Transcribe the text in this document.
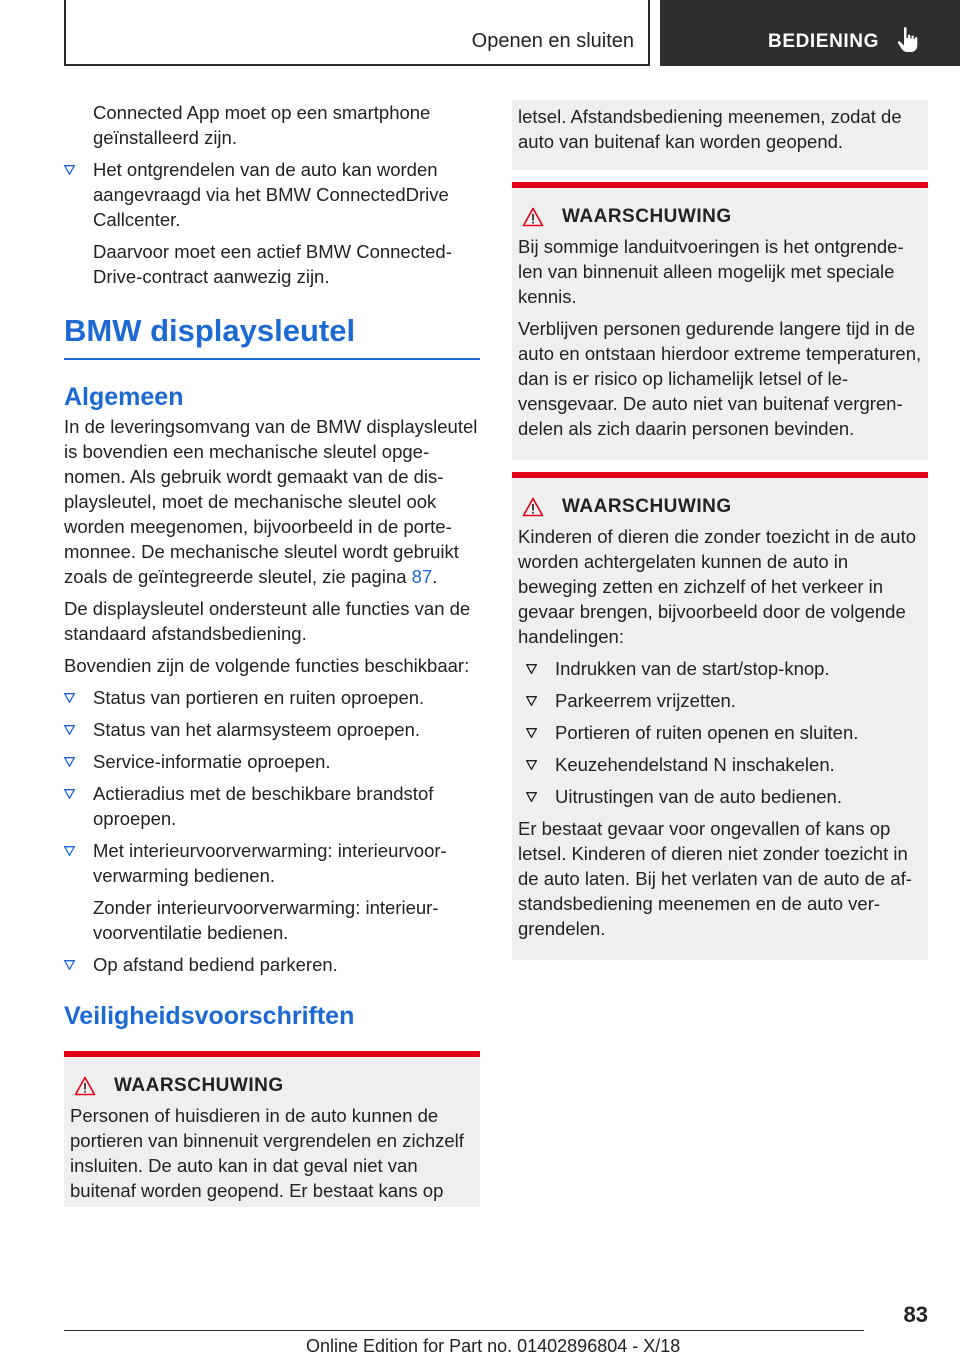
Openen en sluiten	BEDIENING

Connected App moet op een smartphone geïnstalleerd zijn.

Het ontgrendelen van de auto kan worden aangevraagd via het BMW ConnectedDrive Callcenter.

Daarvoor moet een actief BMW ConnectedDrive-contract aanwezig zijn.

BMW displaysleutel
Algemeen

In de leveringsomvang van de BMW displaysleutel is bovendien een mechanische sleutel opgenomen. Als gebruik wordt gemaakt van de displaysleutel, moet de mechanische sleutel ook worden meegenomen, bijvoorbeeld in de portemonnee. De mechanische sleutel wordt gebruikt zoals de geïntegreerde sleutel, zie pagina 87.

De displaysleutel ondersteunt alle functies van de standaard afstandsbediening.

Bovendien zijn de volgende functies beschikbaar:

Status van portieren en ruiten oproepen.
Status van het alarmsysteem oproepen.
Service-informatie oproepen.
Actieradius met de beschikbare brandstof oproepen.
Met interieurvoorverwarming: interieurvoorverwarming bedienen.

Zonder interieurvoorverwarming: interieurvoorventilatie bedienen.

Op afstand bediend parkeren.
Veiligheidsvoorschriften
WAARSCHUWING

Personen of huisdieren in de auto kunnen de portieren van binnenuit vergrendelen en zichzelf insluiten. De auto kan in dat geval niet van buitenaf worden geopend. Er bestaat kans op

letsel. Afstandsbediening meenemen, zodat de auto van buitenaf kan worden geopend.

WAARSCHUWING

Bij sommige landuitvoeringen is het ontgrendelen van binnenuit alleen mogelijk met speciale kennis.

Verblijven personen gedurende langere tijd in de auto en ontstaan hierdoor extreme temperaturen, dan is er risico op lichamelijk letsel of levensgevaar. De auto niet van buitenaf vergrendelen als zich daarin personen bevinden.

WAARSCHUWING

Kinderen of dieren die zonder toezicht in de auto worden achtergelaten kunnen de auto in beweging zetten en zichzelf of het verkeer in gevaar brengen, bijvoorbeeld door de volgende handelingen:

Indrukken van de start/stop-knop.
Parkeerrem vrijzetten.
Portieren of ruiten openen en sluiten.
Keuzehendelstand N inschakelen.
Uitrustingen van de auto bedienen.

Er bestaat gevaar voor ongevallen of kans op letsel. Kinderen of dieren niet zonder toezicht in de auto laten. Bij het verlaten van de auto de afstandsbediening meenemen en de auto vergrendelen.

83
Online Edition for Part no. 01402896804 - X/18
